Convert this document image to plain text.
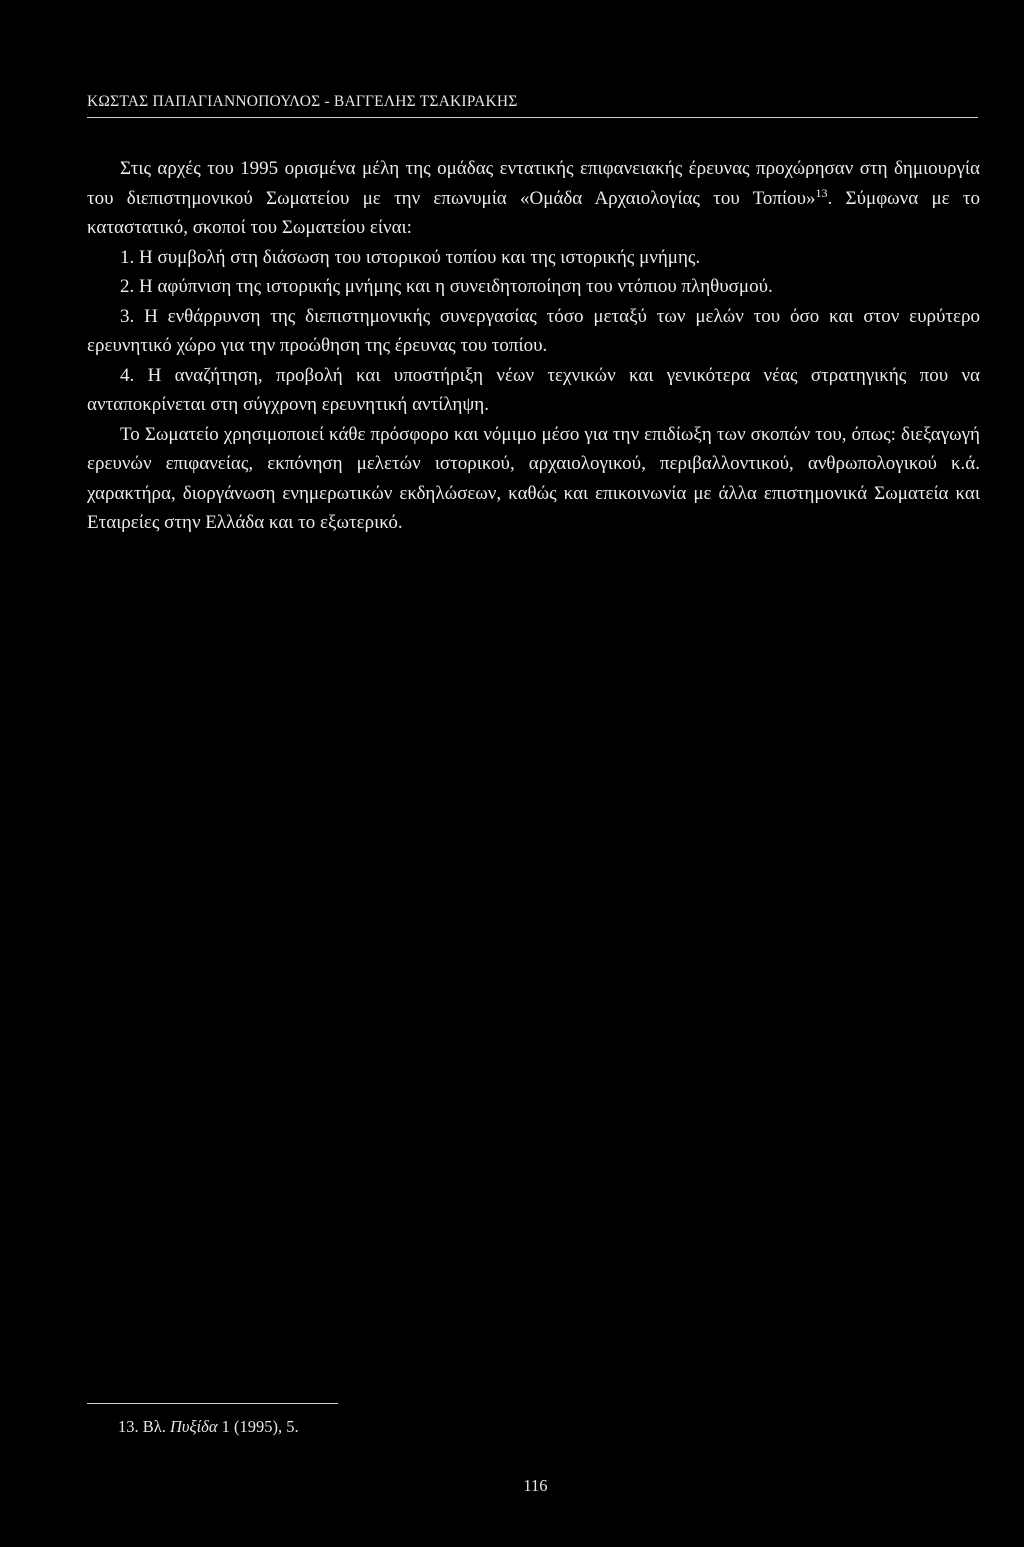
ΚΩΣΤΑΣ ΠΑΠΑΓΙΑΝΝΟΠΟΥΛΟΣ - ΒΑΓΓΕΛΗΣ ΤΣΑΚΙΡΑΚΗΣ

Στις αρχές του 1995 ορισμένα μέλη της ομάδας εντατικής επιφανειακής έρευνας προχώρησαν στη δημιουργία του διεπιστημονικού Σωματείου με την επωνυμία «Ομάδα Αρχαιολογίας του Τοπίου»$^{13}$. Σύμφωνα με το καταστατικό, σκοποί του Σωματείου είναι:

1. Η συμβολή στη διάσωση του ιστορικού τοπίου και της ιστορικής μνήμης.

2. Η αφύπνιση της ιστορικής μνήμης και η συνειδητοποίηση του ντόπιου πληθυσμού.

3. Η ενθάρρυνση της διεπιστημονικής συνεργασίας τόσο μεταξύ των μελών του όσο και στον ευρύτερο ερευνητικό χώρο για την προώθηση της έρευνας του τοπίου.

4. Η αναζήτηση, προβολή και υποστήριξη νέων τεχνικών και γενικότερα νέας στρατηγικής που να ανταποκρίνεται στη σύγχρονη ερευνητική αντίληψη.

Το Σωματείο χρησιμοποιεί κάθε πρόσφορο και νόμιμο μέσο για την επιδίωξη των σκοπών του, όπως: διεξαγωγή ερευνών επιφανείας, εκπόνηση μελετών ιστορικού, αρχαιολογικού, περιβαλλοντικού, ανθρωπολογικού κ.ά. χαρακτήρα, διοργάνωση ενημερωτικών εκδηλώσεων, καθώς και επικοινωνία με άλλα επιστημονικά Σωματεία και Εταιρείες στην Ελλάδα και το εξωτερικό.

13. Βλ. Πυξίδα 1 (1995), 5.
116
